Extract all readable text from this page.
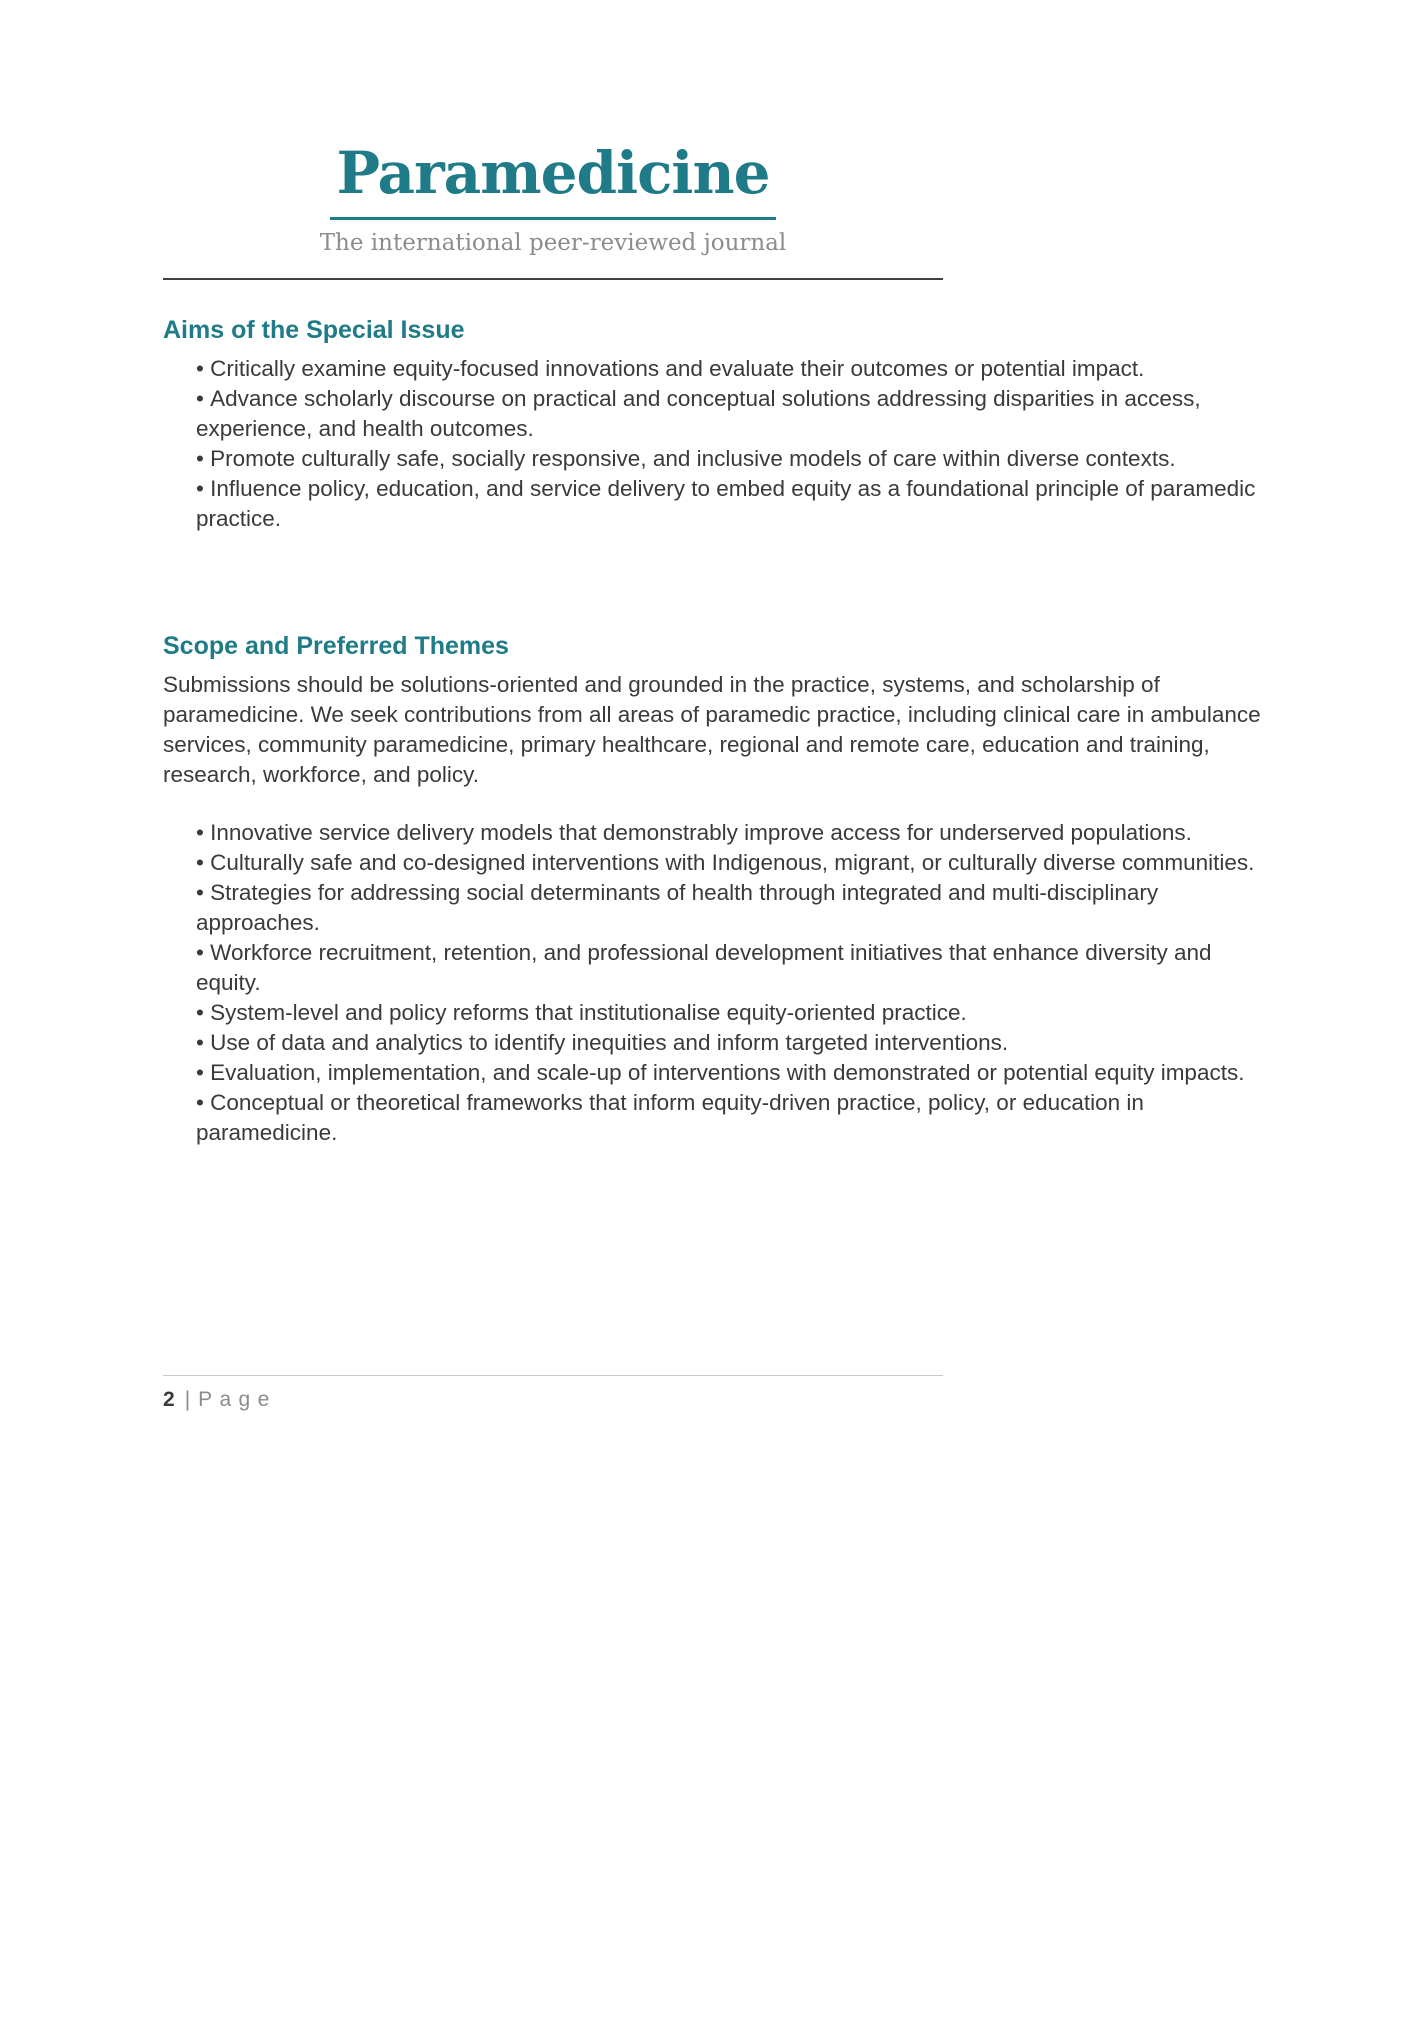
Paramedicine
The international peer-reviewed journal
Aims of the Special Issue
• Critically examine equity-focused innovations and evaluate their outcomes or potential impact.
• Advance scholarly discourse on practical and conceptual solutions addressing disparities in access, experience, and health outcomes.
• Promote culturally safe, socially responsive, and inclusive models of care within diverse contexts.
• Influence policy, education, and service delivery to embed equity as a foundational principle of paramedic practice.
Scope and Preferred Themes

Submissions should be solutions-oriented and grounded in the practice, systems, and scholarship of paramedicine. We seek contributions from all areas of paramedic practice, including clinical care in ambulance services, community paramedicine, primary healthcare, regional and remote care, education and training, research, workforce, and policy.

• Innovative service delivery models that demonstrably improve access for underserved populations.
• Culturally safe and co-designed interventions with Indigenous, migrant, or culturally diverse communities.
• Strategies for addressing social determinants of health through integrated and multi-disciplinary approaches.
• Workforce recruitment, retention, and professional development initiatives that enhance diversity and equity.
• System-level and policy reforms that institutionalise equity-oriented practice.
• Use of data and analytics to identify inequities and inform targeted interventions.
• Evaluation, implementation, and scale-up of interventions with demonstrated or potential equity impacts.
• Conceptual or theoretical frameworks that inform equity-driven practice, policy, or education in paramedicine.
2 | Page
